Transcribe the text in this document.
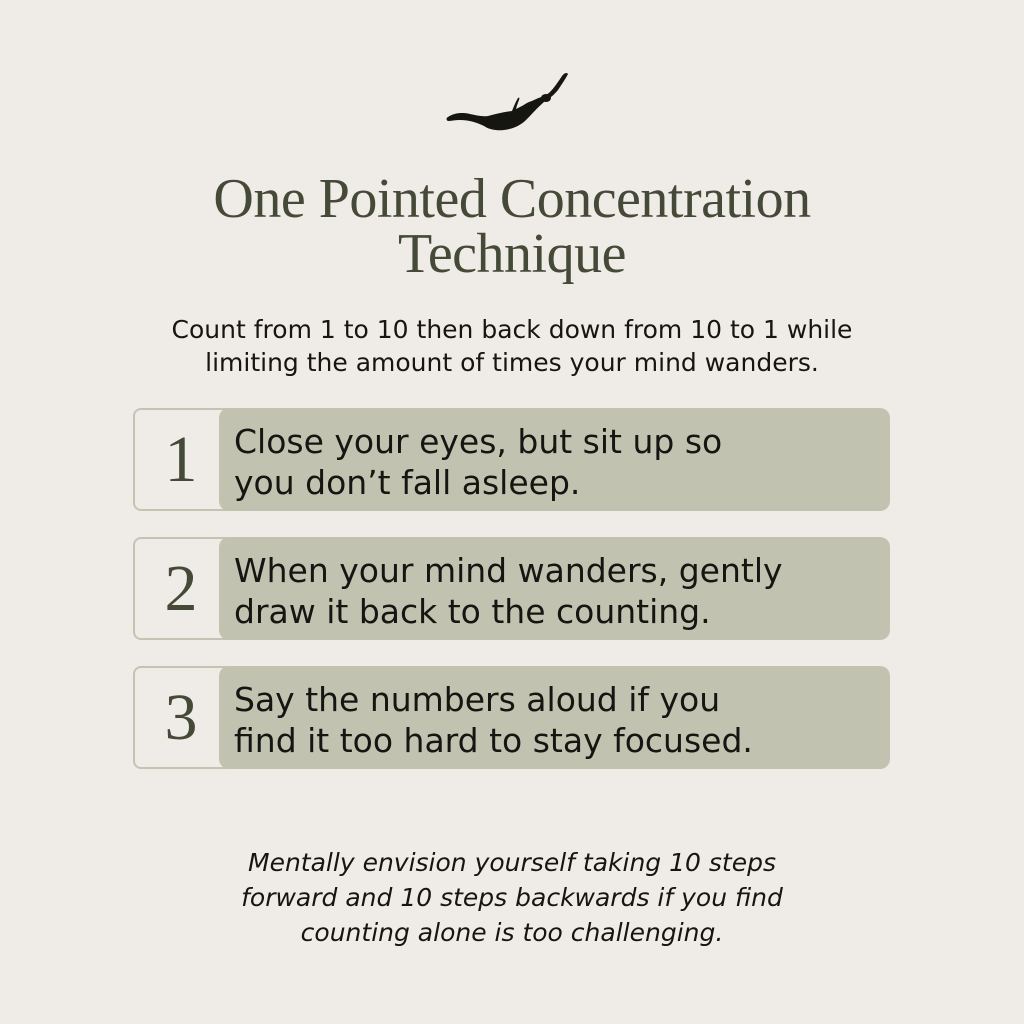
One Pointed Concentration
Technique
Count from 1 to 10 then back down from 10 to 1 while
limiting the amount of times your mind wanders.
1	Close your eyes, but sit up so
you don’t fall asleep.
2	When your mind wanders, gently
draw it back to the counting.
3	Say the numbers aloud if you
find it too hard to stay focused.
Mentally envision yourself taking 10 steps
forward and 10 steps backwards if you find
counting alone is too challenging.
